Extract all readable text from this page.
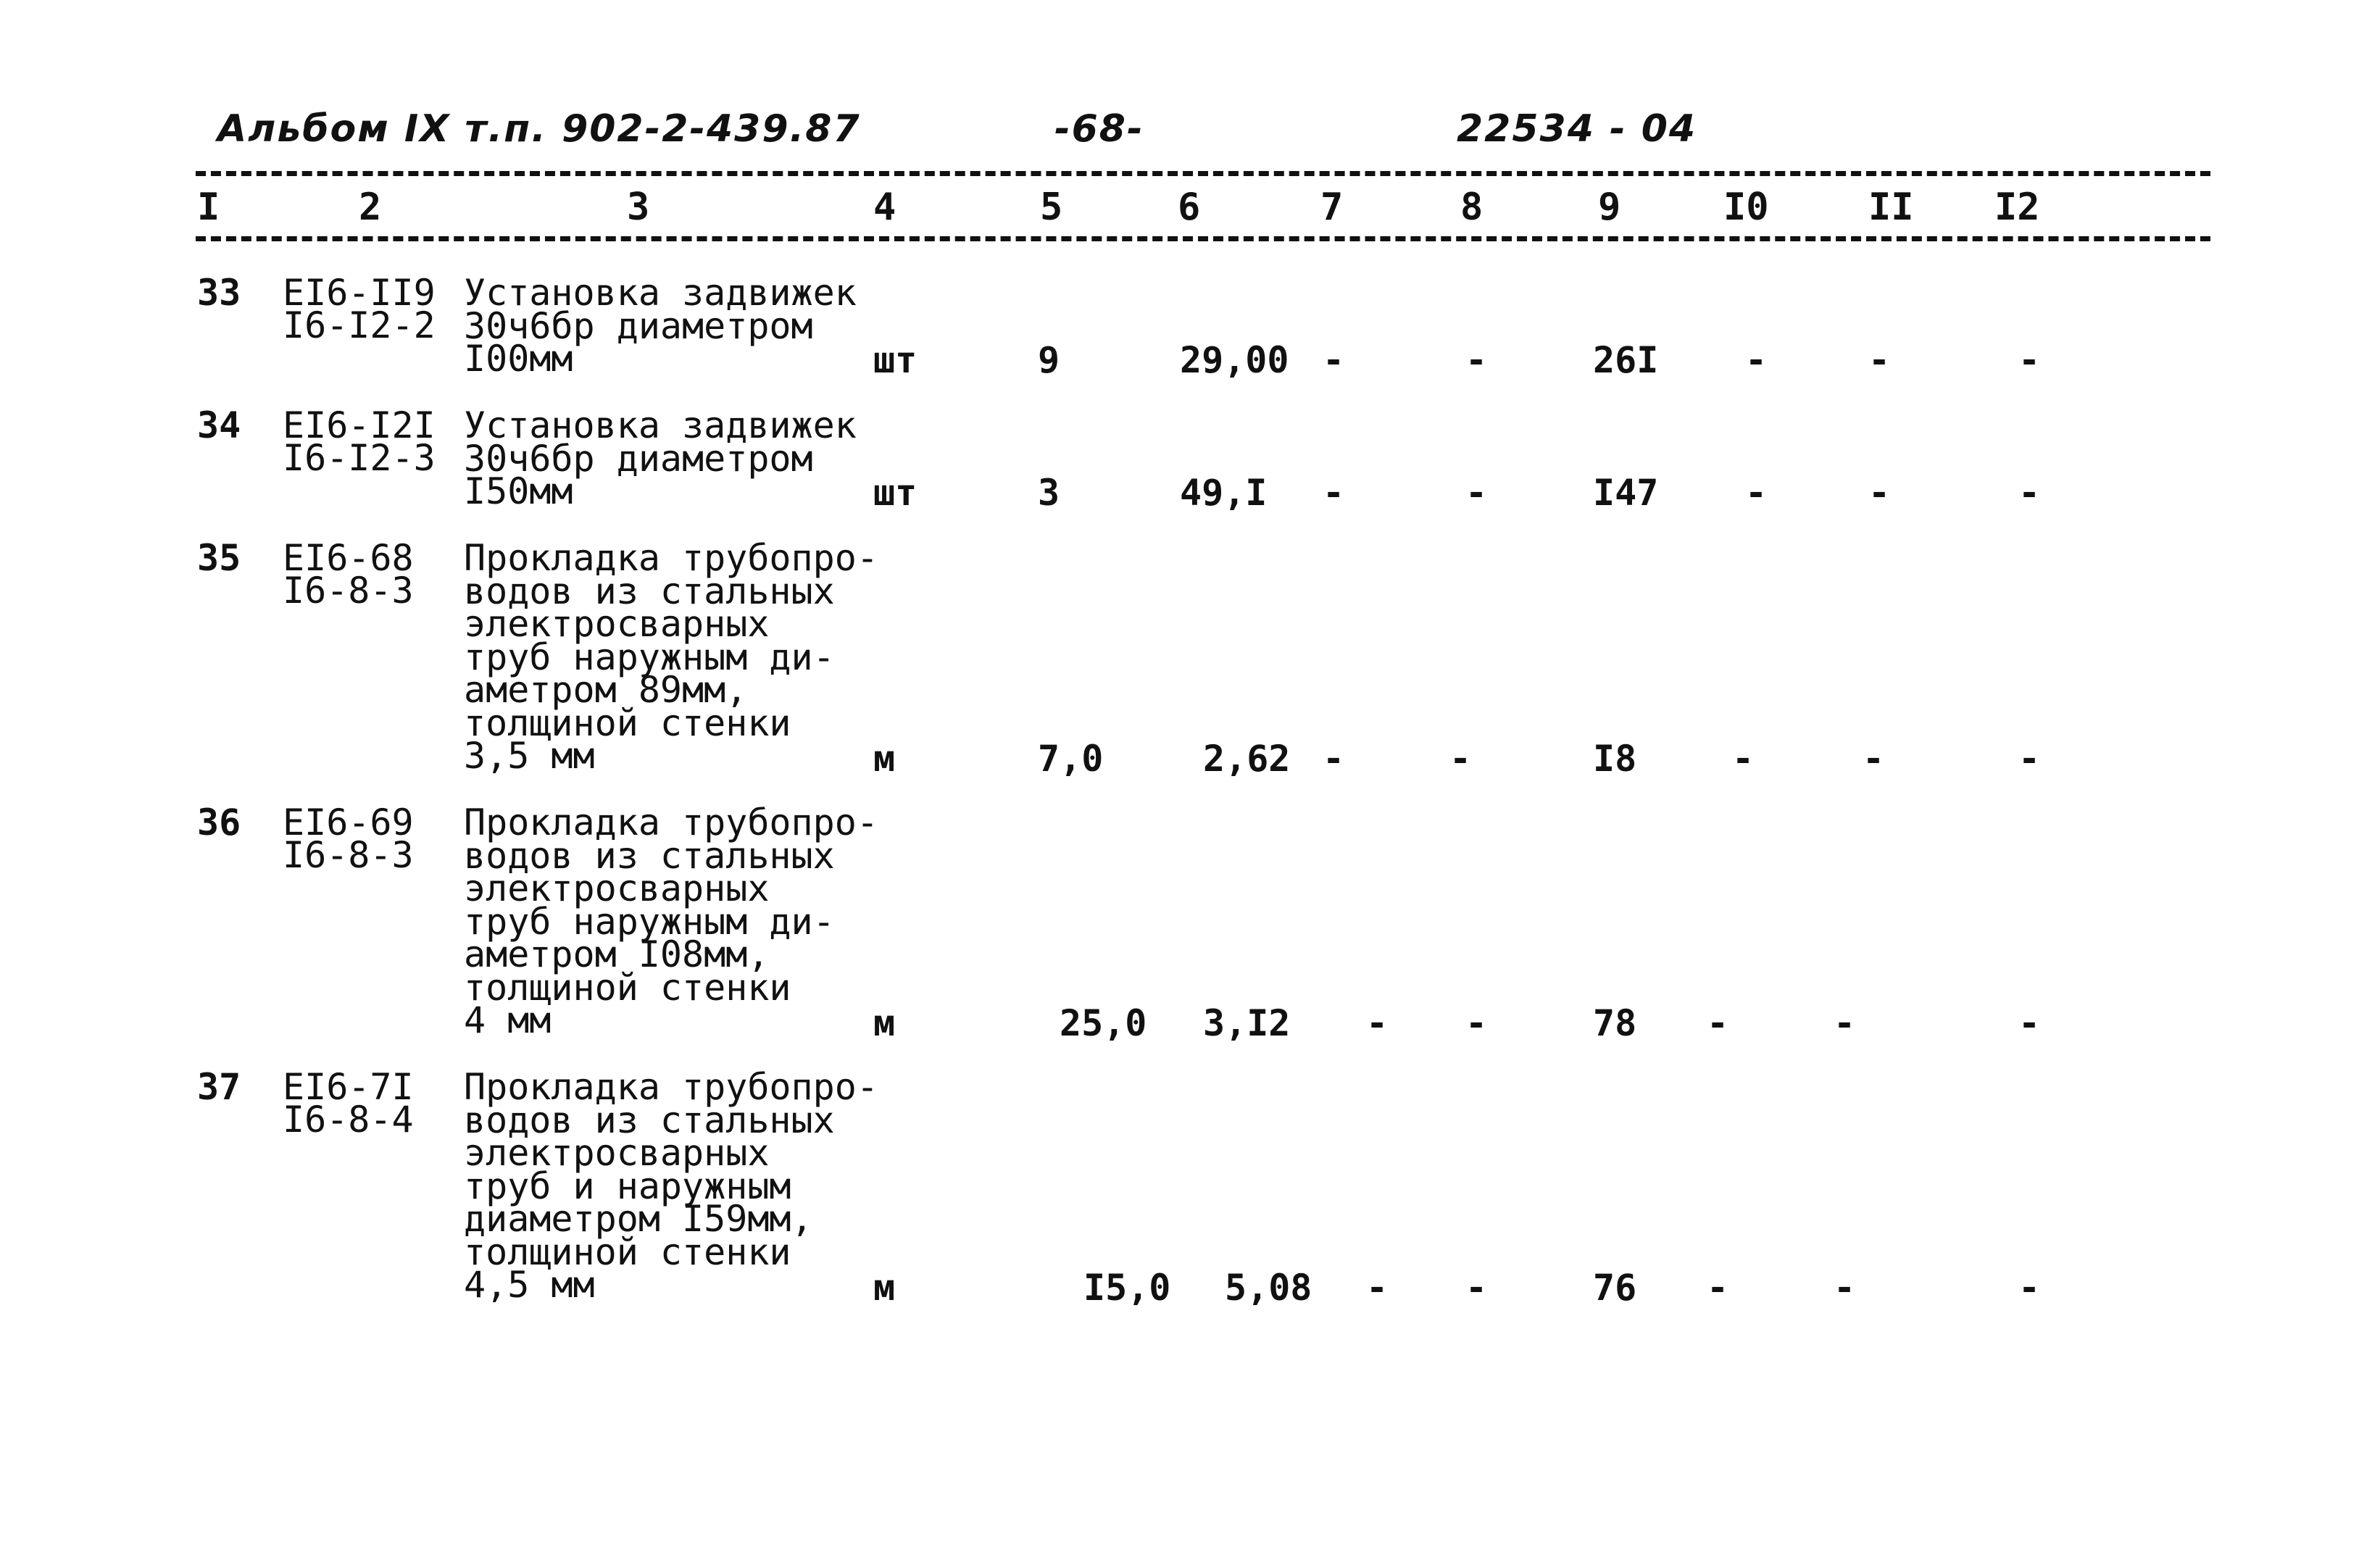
Альбом IХ т.п. 902-2-439.87	-68-	22534 - 04
I	2	3	4	5	6	7	8	9	I0	II I2
33 EI6-II9
I6-I2-2
Установка задвижек
30ч6бр диаметром
I00мм	шт	9	29,00 -	-	26I -	-	-
34 EI6-I2I
I6-I2-3
Установка задвижек
30ч6бр диаметром
I50мм	шт	3	49,I -	-	I47 -	-	-
35 EI6-68
I6-8-3
Прокладка трубопро-
водов из стальных
электросварных
труб наружным ди-
аметром 89мм,
толщиной стенки
3,5 мм	м	7,0	2,62 -	-	I8	-	-	-
36 EI6-69
I6-8-3
Прокладка трубопро-
водов из стальных
электросварных
труб наружным ди-
аметром I08мм,
толщиной стенки
4 мм	м	25,0 3,I2 - -	78 -	-	-
37 EI6-7I
I6-8-4
Прокладка трубопро-
водов из стальных
электросварных
труб и наружным
диаметром I59мм,
толщиной стенки
4,5 мм	м	I5,0 5,08 - -	76 -	-	-
